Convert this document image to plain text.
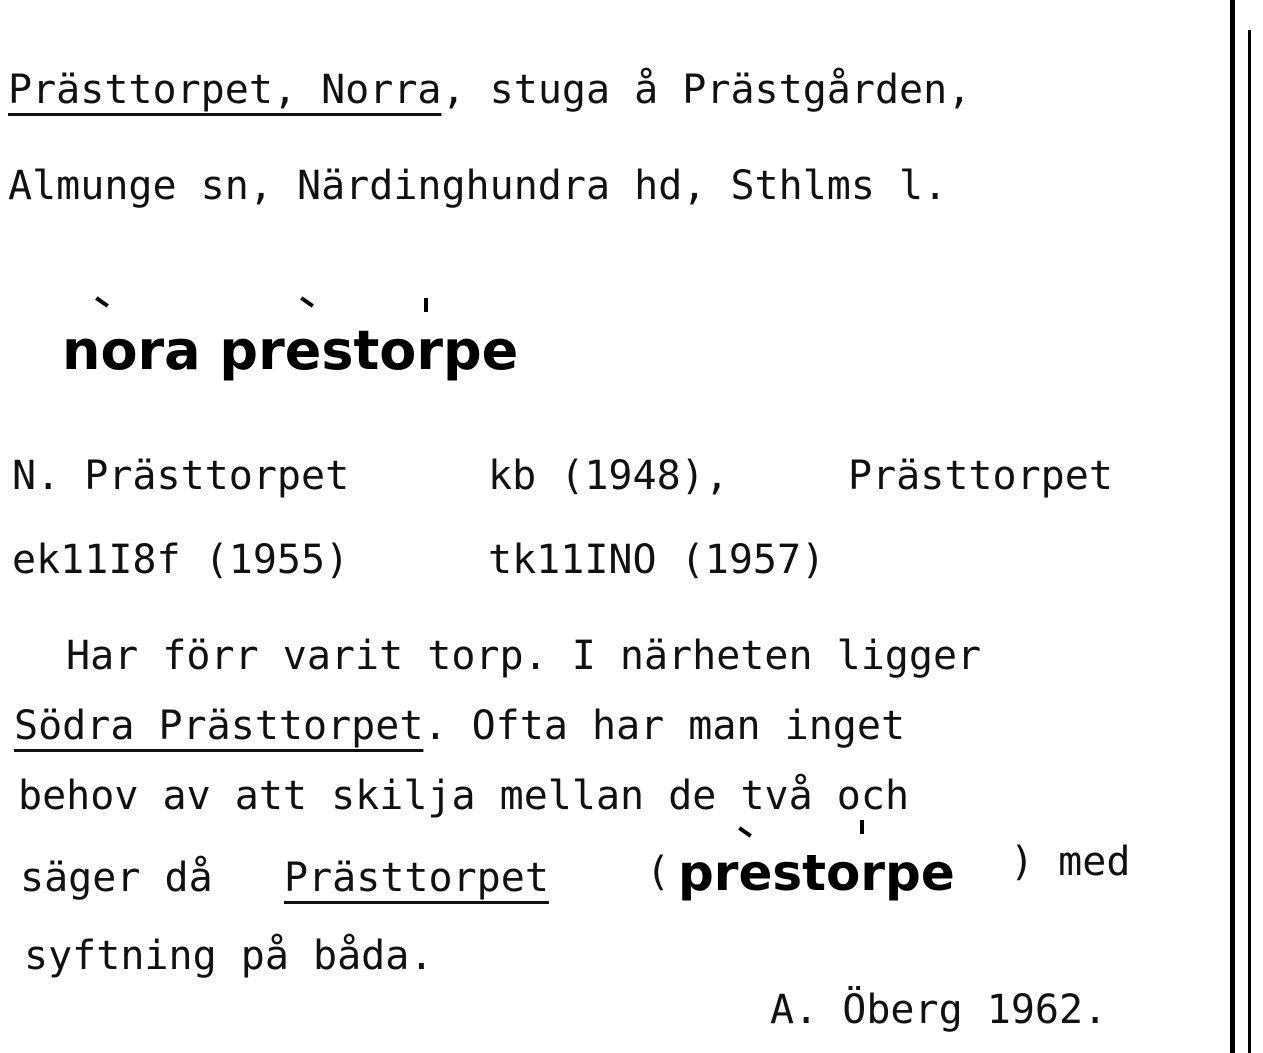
Prästtorpet, Norra, stuga å Prästgården,
Almunge sn, Närdinghundra hd, Sthlms l.
nora prestorpe
N. Prästtorpet	kb (1948),	Prästtorpet
ek11I8f (1955)	tk11INO (1957)
Har förr varit torp. I närheten ligger
Södra Prästtorpet. Ofta har man inget
behov av att skilja mellan de två och
säger då Prästtorpet ( prestorpe ) med
syftning på båda.
A. Öberg 1962.
